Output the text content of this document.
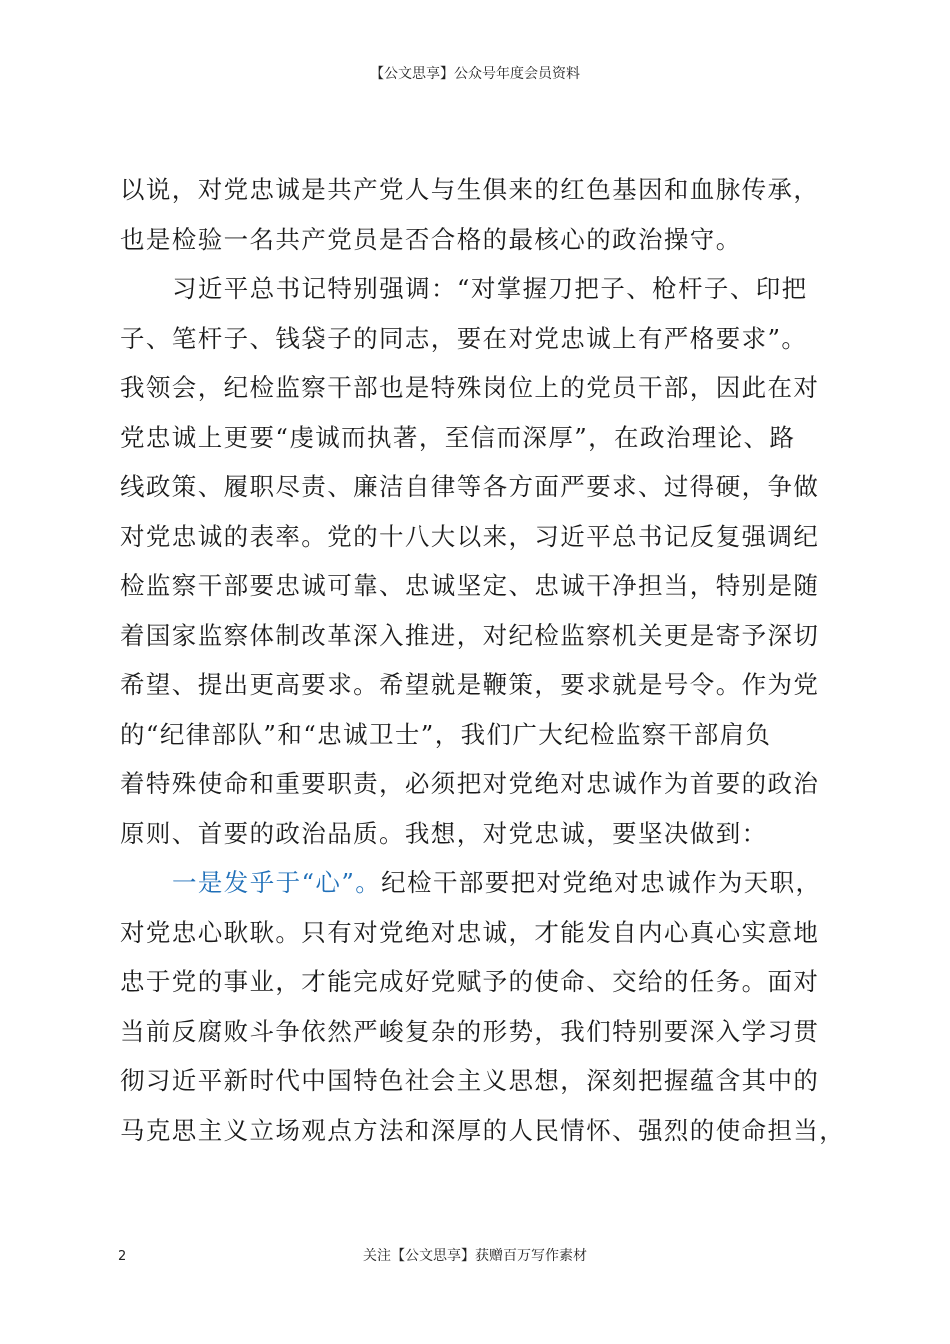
【公文思享】公众号年度会员资料
以说，对党忠诚是共产党人与生俱来的红色基因和血脉传承，
也是检验一名共产党员是否合格的最核心的政治操守。
习近平总书记特别强调：“对掌握刀把子、枪杆子、印把
子、笔杆子、钱袋子的同志，要在对党忠诚上有严格要求”。
我领会，纪检监察干部也是特殊岗位上的党员干部，因此在对
党忠诚上更要“虔诚而执著，至信而深厚”，在政治理论、路
线政策、履职尽责、廉洁自律等各方面严要求、过得硬，争做
对党忠诚的表率。党的十八大以来，习近平总书记反复强调纪
检监察干部要忠诚可靠、忠诚坚定、忠诚干净担当，特别是随
着国家监察体制改革深入推进，对纪检监察机关更是寄予深切
希望、提出更高要求。希望就是鞭策，要求就是号令。作为党
的“纪律部队”和“忠诚卫士”，我们广大纪检监察干部肩负
着特殊使命和重要职责，必须把对党绝对忠诚作为首要的政治
原则、首要的政治品质。我想，对党忠诚，要坚决做到：
一是发乎于“心”。纪检干部要把对党绝对忠诚作为天职，
对党忠心耿耿。只有对党绝对忠诚，才能发自内心真心实意地
忠于党的事业，才能完成好党赋予的使命、交给的任务。面对
当前反腐败斗争依然严峻复杂的形势，我们特别要深入学习贯
彻习近平新时代中国特色社会主义思想，深刻把握蕴含其中的
马克思主义立场观点方法和深厚的人民情怀、强烈的使命担当，
2	关注【公文思享】获赠百万写作素材
